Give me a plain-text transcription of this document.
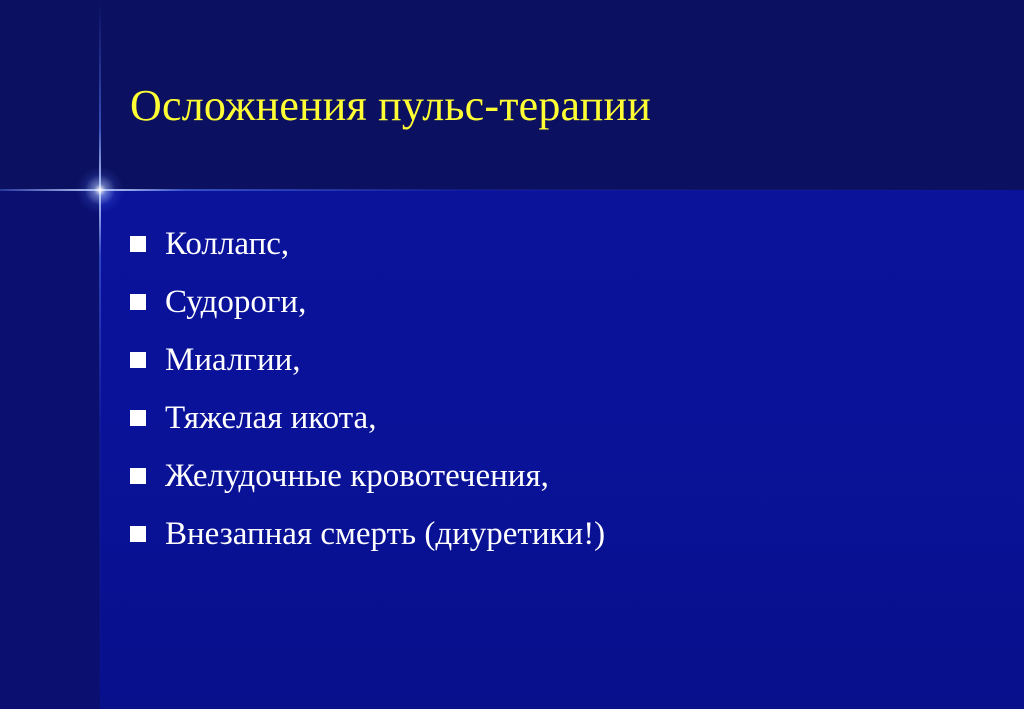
Осложнения пульс-терапии
Коллапс,
Судороги,
Миалгии,
Тяжелая икота,
Желудочные кровотечения,
Внезапная смерть (диуретики!)
